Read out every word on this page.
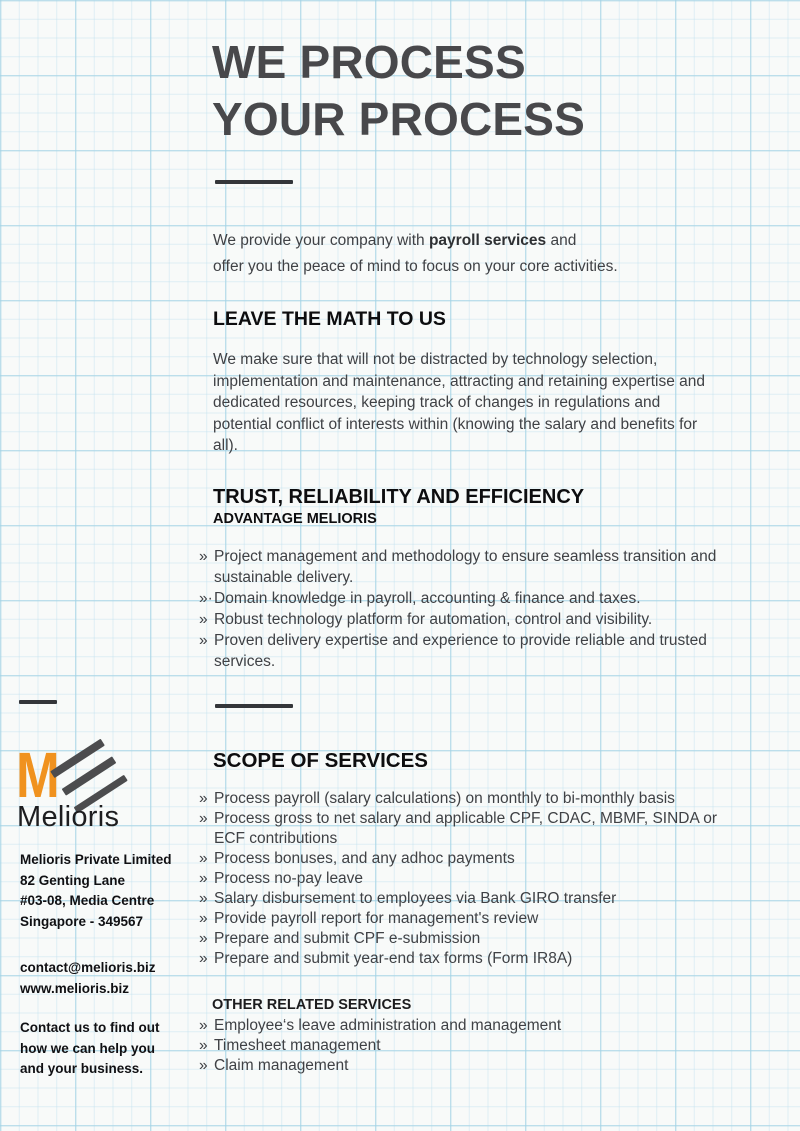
WE PROCESS
YOUR PROCESS
We provide your company with payroll services and
offer you the peace of mind to focus on your core activities.
LEAVE THE MATH TO US
We make sure that will not be distracted by technology selection, implementation and maintenance, attracting and retaining expertise and dedicated resources, keeping track of changes in regulations and potential conflict of interests within (knowing the salary and benefits for all).
TRUST, RELIABILITY AND EFFICIENCY
ADVANTAGE MELIORIS
» Project management and methodology to ensure seamless transition and sustainable delivery.
»·Domain knowledge in payroll, accounting & finance and taxes.
» Robust technology platform for automation, control and visibility.
» Proven delivery expertise and experience to provide reliable and trusted services.
M
Melioris
Melioris Private Limited
82 Genting Lane
#03-08, Media Centre
Singapore - 349567
contact@melioris.biz
www.melioris.biz
Contact us to find out
how we can help you
and your business.
SCOPE OF SERVICES
» Process payroll (salary calculations) on monthly to bi-monthly basis
» Process gross to net salary and applicable CPF, CDAC, MBMF, SINDA or ECF contributions
» Process bonuses, and any adhoc payments
» Process no-pay leave
» Salary disbursement to employees via Bank GIRO transfer
» Provide payroll report for management's review
» Prepare and submit CPF e-submission
» Prepare and submit year-end tax forms (Form IR8A)
OTHER RELATED SERVICES
» Employee‘s leave administration and management
» Timesheet management
» Claim management
